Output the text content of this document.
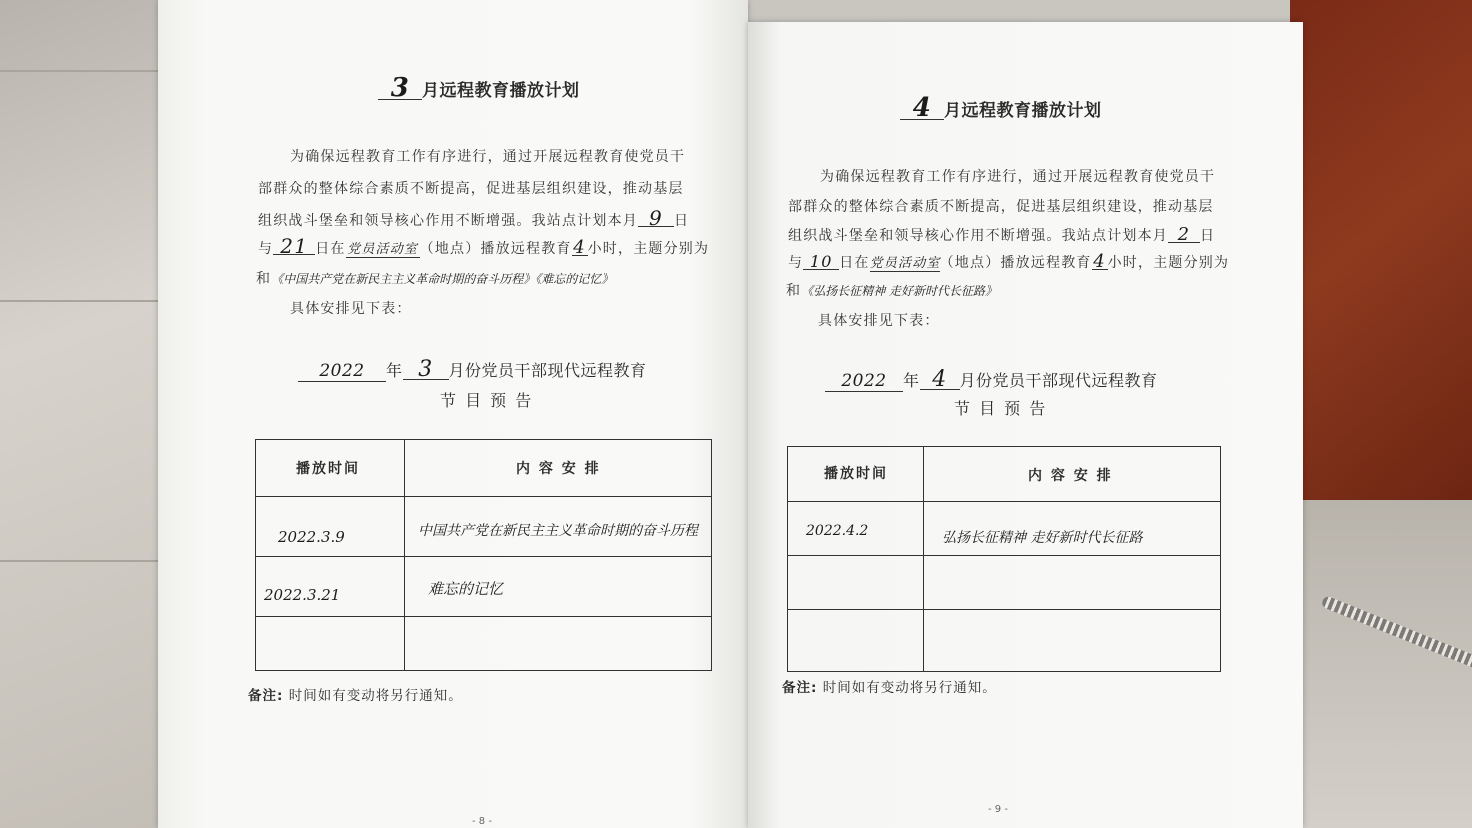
3 月远程教育播放计划
为确保远程教育工作有序进行，通过开展远程教育使党员干
部群众的整体综合素质不断提高，促进基层组织建设，推动基层
组织战斗堡垒和领导核心作用不断增强。我站点计划本月 9 日
与 21 日在党员活动室 （地点）播放远程教育4 小时，主题分别为
和《中国共产党在新民主主义革命时期的奋斗历程》《难忘的记忆》
具体安排见下表：
2022 年 3 月份党员干部现代远程教育
节 目 预 告
播放时间	内 容 安 排
2022.3.9	中国共产党在新民主主义革命时期的奋斗历程
2022.3.21	难忘的记忆
备注: 时间如有变动将另行通知。
- 8 -
4 月远程教育播放计划
为确保远程教育工作有序进行，通过开展远程教育使党员干
部群众的整体综合素质不断提高，促进基层组织建设，推动基层
组织战斗堡垒和领导核心作用不断增强。我站点计划本月 2 日
与 10 日在党员活动室（地点）播放远程教育4 小时，主题分别为
和《弘扬长征精神 走好新时代长征路》
具体安排见下表：
2022 年 4 月份党员干部现代远程教育
节 目 预 告
播放时间	内 容 安 排
2022.4.2	弘扬长征精神 走好新时代长征路
备注: 时间如有变动将另行通知。
- 9 -
